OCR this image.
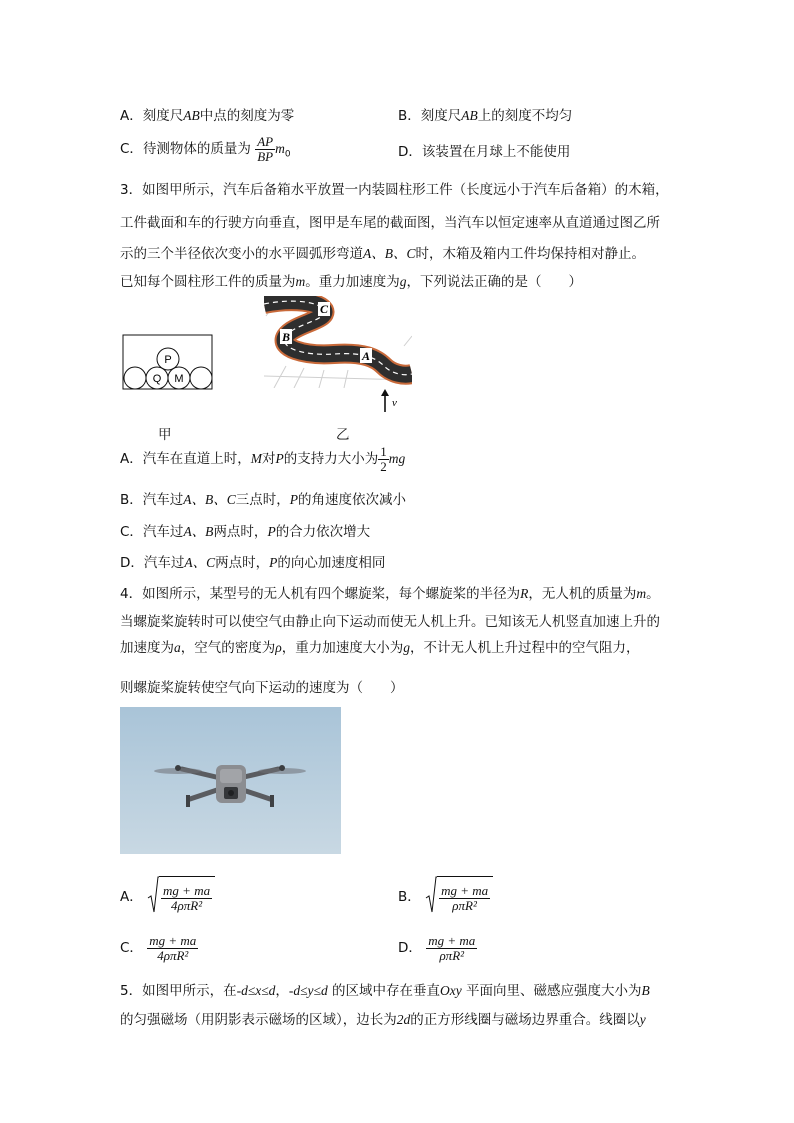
A．刻度尺AB中点的刻度为零	B．刻度尺AB上的刻度不均匀
C．待测物体的质量为 $\frac{AP}{BP} m_0$	D．该装置在月球上不能使用
3．如图甲所示，汽车后备箱水平放置一内装圆柱形工件（长度远小于汽车后备箱）的木箱，
工件截面和车的行驶方向垂直，图甲是车尾的截面图，当汽车以恒定速率从直道通过图乙所
示的三个半径依次变小的水平圆弧形弯道A、B、C时，木箱及箱内工件均保持相对静止。
已知每个圆柱形工件的质量为m。重力加速度为g，下列说法正确的是（　　）
P
Q M
甲
C
B
A
v
乙
A．汽车在直道上时，M对P的支持力大小为 $\frac{1}{2}$ mg
B．汽车过A、B、C三点时，P的角速度依次减小
C．汽车过A、B两点时，P的合力依次增大
D．汽车过A、C两点时，P的向心加速度相同
4．如图所示，某型号的无人机有四个螺旋桨，每个螺旋桨的半径为R，无人机的质量为m。
当螺旋桨旋转时可以使空气由静止向下运动而使无人机上升。已知该无人机竖直加速上升的
加速度为a，空气的密度为ρ，重力加速度大小为g，不计无人机上升过程中的空气阻力，
则螺旋桨旋转使空气向下运动的速度为（　　）
A． $\frac{mg + ma}{\text{4ρπR²}}$	B． $\frac{mg + ma}{\text{ρπR²}}$
C． $\frac{mg + ma}{\text{4ρπR²}}$	D． $\frac{mg + ma}{\text{ρπR²}}$
5．如图甲所示，在-d≤x≤d，-d≤y≤d 的区域中存在垂直Oxy 平面向里、磁感应强度大小为B
的匀强磁场（用阴影表示磁场的区域），边长为2d的正方形线圈与磁场边界重合。线圈以y
